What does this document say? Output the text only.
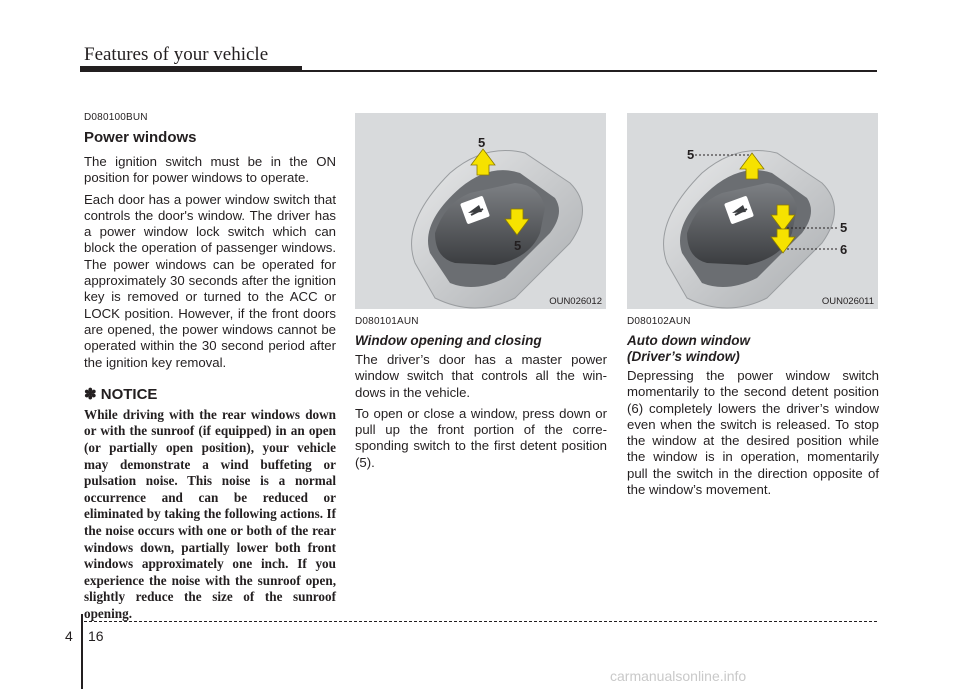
Features of your vehicle
D080100BUN
Power windows

The ignition switch must be in the ON position for power windows to operate.

Each door has a power window switch that controls the door's window. The driver has a power window lock switch which can block the operation of passenger windows. The power windows can be operated for approximately 30 seconds after the ignition key is removed or turned to the ACC or LOCK position. However, if the front doors are opened, the power windows cannot be operated within the 30 second period after the ignition key removal.

✽ NOTICE
While driving with the rear windows down or with the sunroof (if equipped) in an open (or partially open position), your vehicle may demonstrate a wind buffeting or pulsation noise. This noise is a normal occurrence and can be reduced or eliminated by taking the following actions. If the noise occurs with one or both of the rear windows down, partially lower both front windows approximately one inch. If you experience the noise with the sunroof open, slightly reduce the size of the sunroof opening.
5
5
OUN026012
5
5
6
OUN026011
D080101AUN
Window opening and closing

The driver’s door has a master power window switch that controls all the windows in the vehicle.

To open or close a window, press down or pull up the front portion of the corresponding switch to the first detent position (5).

D080102AUN
Auto down window
(Driver’s window)

Depressing the power window switch momentarily to the second detent position (6) completely lowers the driver’s window even when the switch is released. To stop the window at the desired position while the window is in operation, momentarily pull the switch in the direction opposite of the window’s movement.

4 16
carmanualsonline.info
